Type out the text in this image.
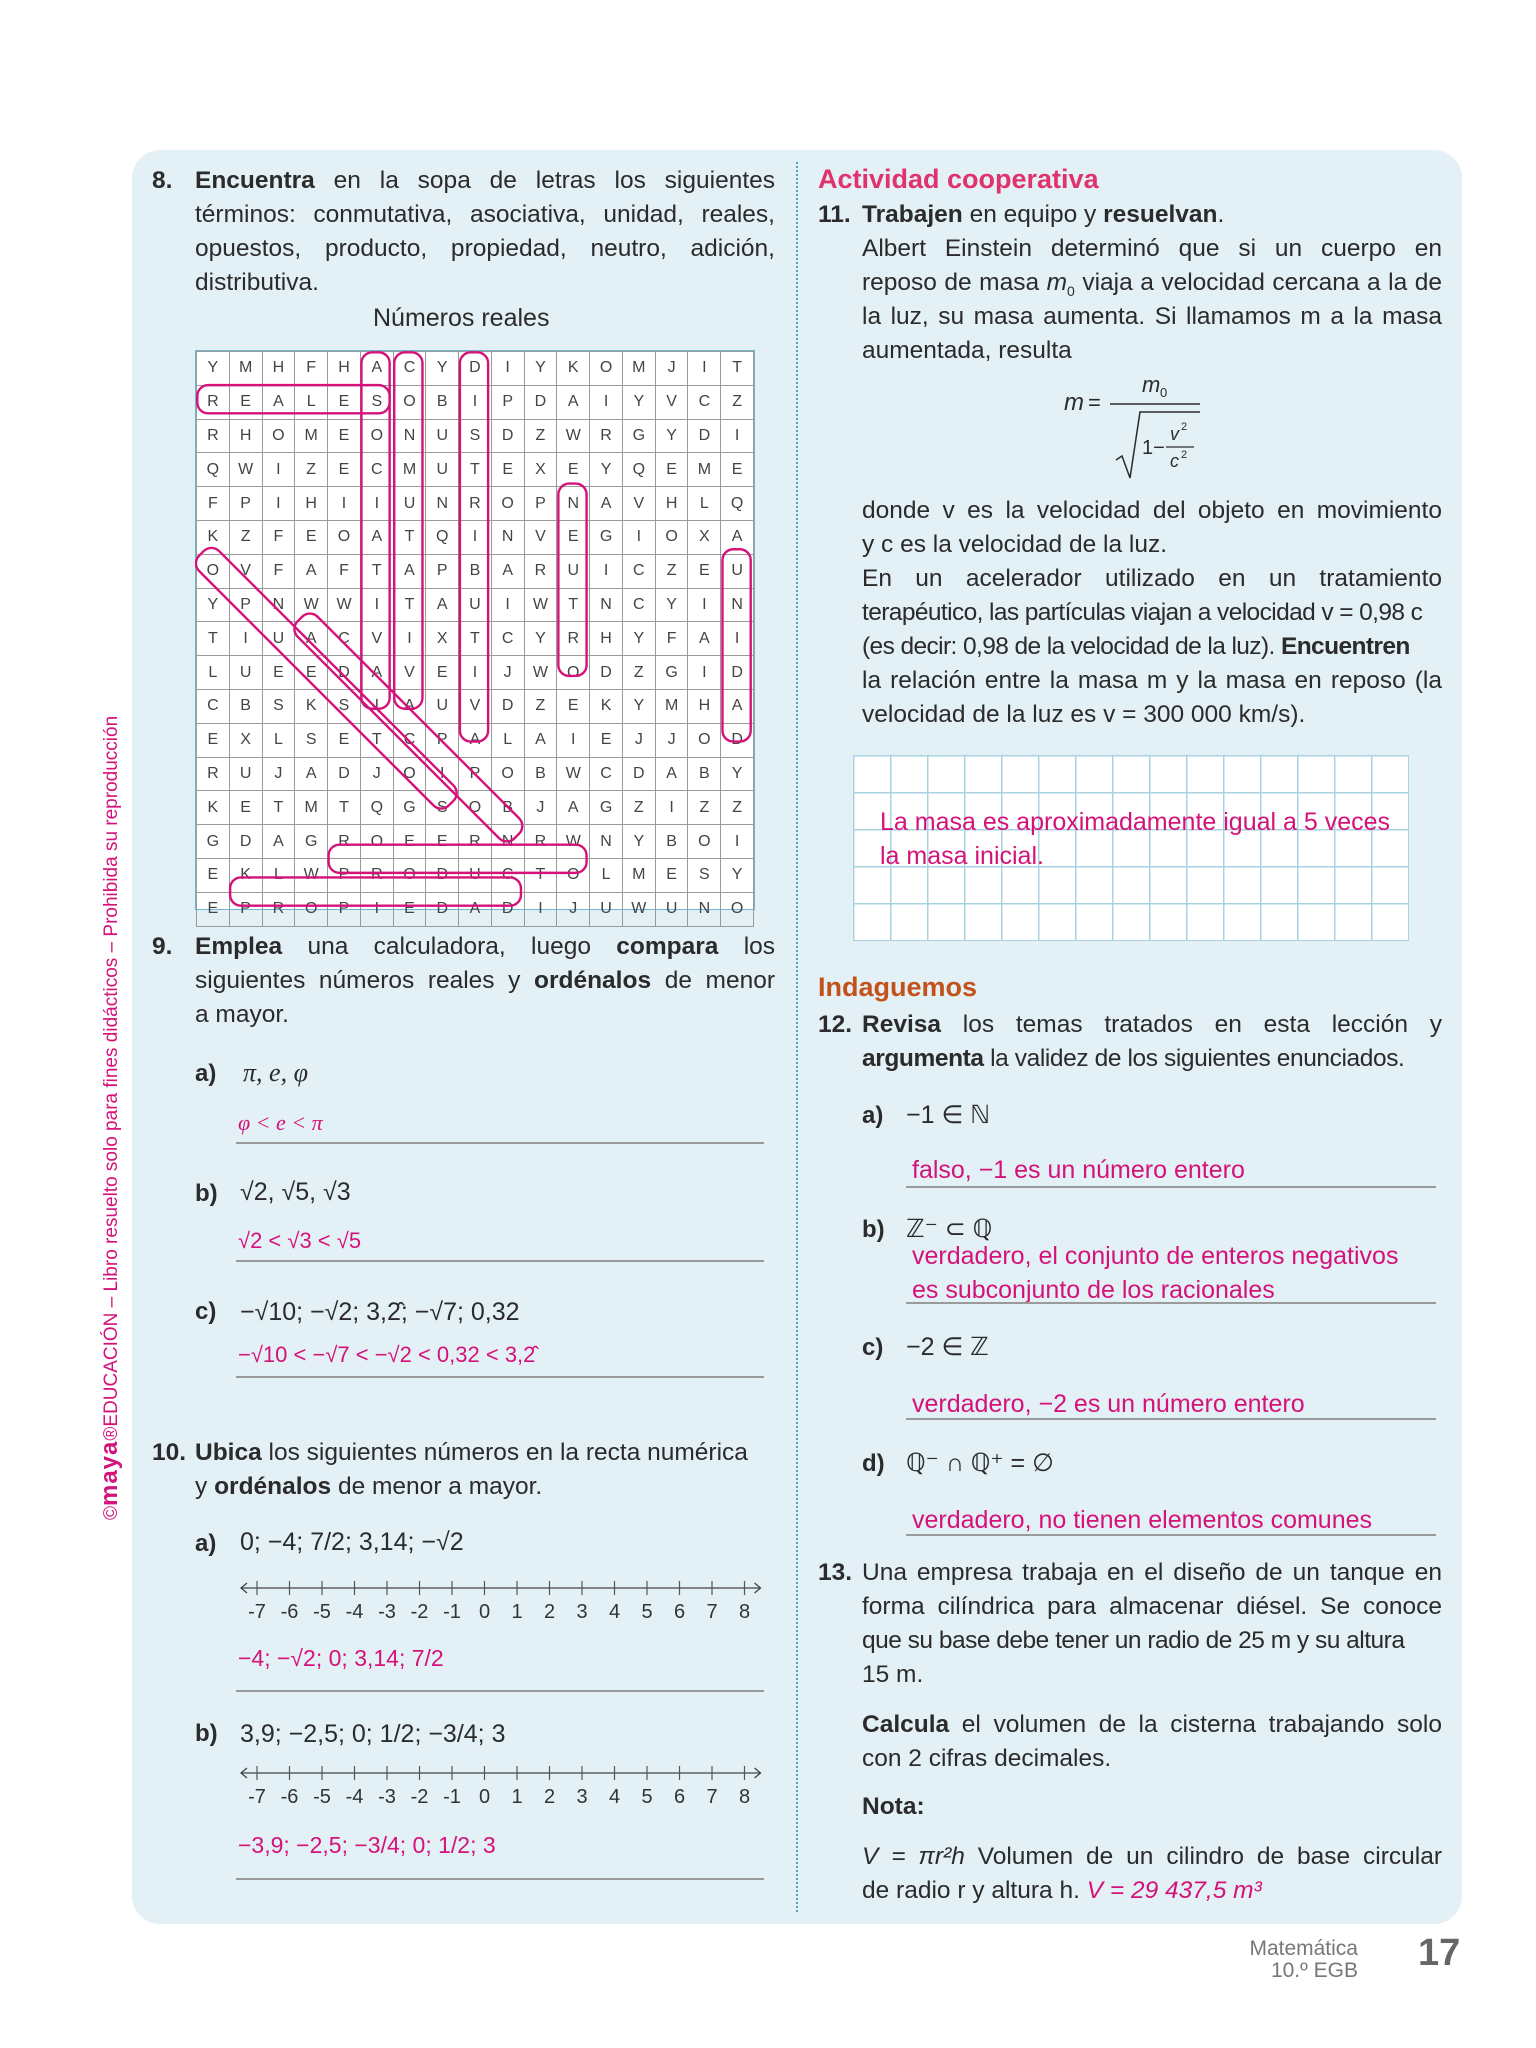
©maya®EDUCACIÓN – Libro resuelto solo para fines didácticos – Prohibida su reproducción
8. Encuentra en la sopa de letras los siguientes
términos: conmutativa, asociativa, unidad, reales,
opuestos, producto, propiedad, neutro, adición,
distributiva.
Números reales
Y	M	H	F	H	A	C	Y	D	I	Y	K	O	M	J	I	T
R	E	A	L	E	S	O	B	I	P	D	A	I	Y	V	C	Z
R	H	O	M	E	O	N	U	S	D	Z	W	R	G	Y	D	I
Q	W	I	Z	E	C	M	U	T	E	X	E	Y	Q	E	M	E
F	P	I	H	I	I	U	N	R	O	P	N	A	V	H	L	Q
K	Z	F	E	O	A	T	Q	I	N	V	E	G	I	O	X	A
O	V	F	A	F	T	A	P	B	A	R	U	I	C	Z	E	U
Y	P	N	W	W	I	T	A	U	I	W	T	N	C	Y	I	N
T	I	U	A	C	V	I	X	T	C	Y	R	H	Y	F	A	I
L	U	E	E	D	A	V	E	I	J	W	O	D	Z	G	I	D
C	B	S	K	S	I	A	U	V	D	Z	E	K	Y	M	H	A
E	X	L	S	E	T	C	P	A	L	A	I	E	J	J	O	D
R	U	J	A	D	J	O	I	P	O	B	W	C	D	A	B	Y
K	E	T	M	T	Q	G	S	O	B	J	A	G	Z	I	Z	Z
G	D	A	G	R	O	E	E	R	N	R	W	N	Y	B	O	I
E	K	L	W	P	R	O	D	U	C	T	O	L	M	E	S	Y
E	P	R	O	P	I	E	D	A	D	I	J	U	W	U	N	O
9. Emplea una calculadora, luego compara los
siguientes números reales y ordénalos de menor
a mayor.
a) π, e, φ
φ < e < π
b) √2, √5, √3
√2 < √3 < √5
c) −√10; −√2; 3,2̂; −√7; 0,32
−√10 < −√7 < −√2 < 0,32 < 3,2̂
10. Ubica los siguientes números en la recta numérica
y ordénalos de menor a mayor.
a) 0; −4; 7/2; 3,14; −√2
-7 -6 -5 -4 -3 -2 -1 0 1 2 3 4 5 6 7 8
−4; −√2; 0; 3,14; 7/2
b) 3,9; −2,5; 0; 1/2; −3/4; 3
-7 -6 -5 -4 -3 -2 -1 0 1 2 3 4 5 6 7 8
−3,9; −2,5; −3/4; 0; 1/2; 3
Actividad cooperativa
11. Trabajen en equipo y resuelvan.
Albert Einstein determinó que si un cuerpo en
reposo de masa $m_0$ viaja a velocidad cercana a la de
la luz, su masa aumenta. Si llamamos m a la masa
aumentada, resulta
m =
m 0
1−
v 2
c 2
donde v es la velocidad del objeto en movimiento
y c es la velocidad de la luz.
En un acelerador utilizado en un tratamiento
terapéutico, las partículas viajan a velocidad v = 0,98 c
(es decir: 0,98 de la velocidad de la luz). Encuentren
la relación entre la masa m y la masa en reposo (la
velocidad de la luz es v = 300 000 km/s).
La masa es aproximadamente igual a 5 veces
la masa inicial.
Indaguemos
12. Revisa los temas tratados en esta lección y
argumenta la validez de los siguientes enunciados.
a) −1 ∈ ℕ
falso, −1 es un número entero
b) ℤ⁻ ⊂ ℚ
verdadero, el conjunto de enteros negativos
es subconjunto de los racionales
c) −2 ∈ ℤ
verdadero, −2 es un número entero
d) ℚ⁻ ∩ ℚ⁺ = ∅
verdadero, no tienen elementos comunes
13. Una empresa trabaja en el diseño de un tanque en
forma cilíndrica para almacenar diésel. Se conoce
que su base debe tener un radio de 25 m y su altura
15 m.
Calcula el volumen de la cisterna trabajando solo
con 2 cifras decimales.
Nota:
V = πr²h Volumen de un cilindro de base circular
de radio r y altura h. V = 29 437,5 m³
Matemática
10.º EGB 17
